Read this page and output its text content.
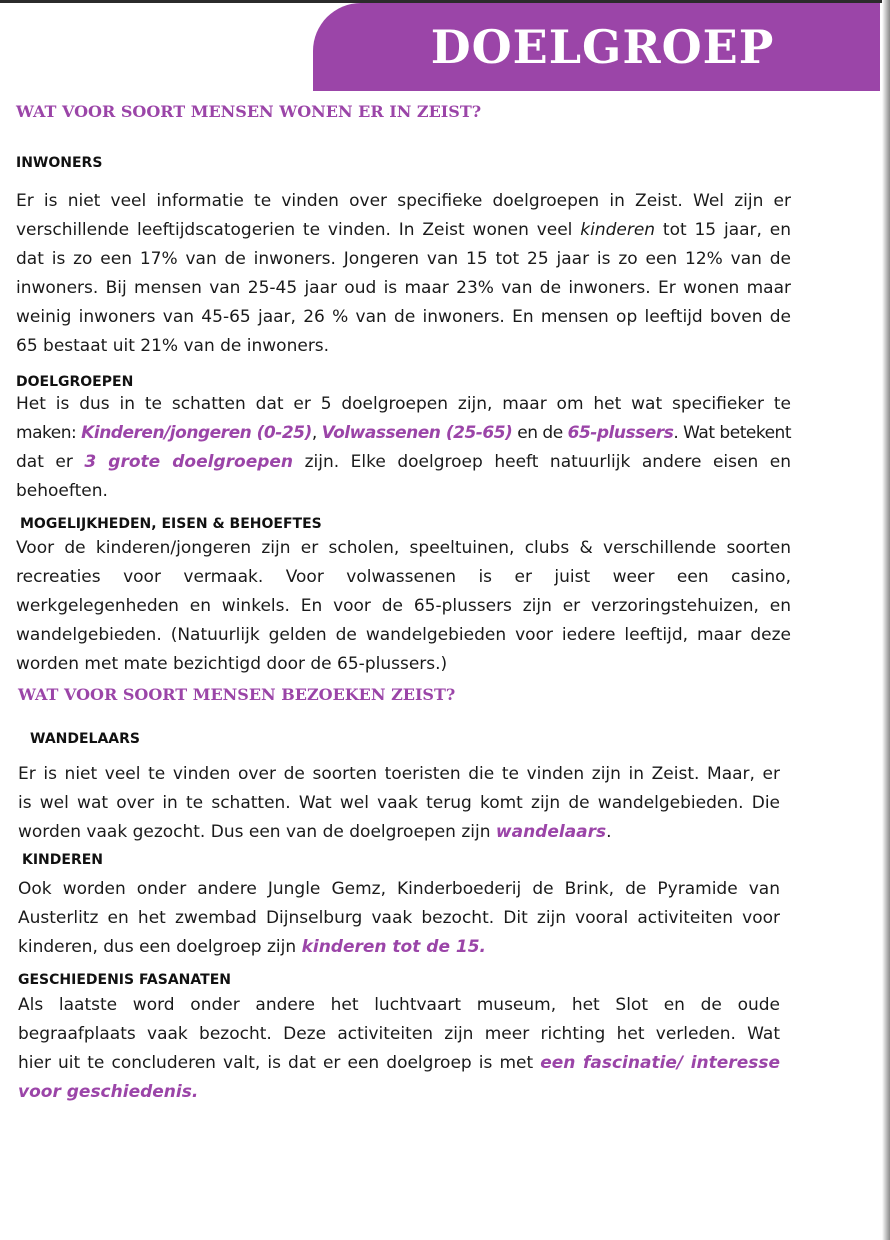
DOELGROEP
WAT VOOR SOORT MENSEN WONEN ER IN ZEIST?
INWONERS
Er is niet veel informatie te vinden over specifieke doelgroepen in Zeist. Wel zijn er
verschillende leeftijdscatogerien te vinden. In Zeist wonen veel kinderen tot 15 jaar, en
dat is zo een 17% van de inwoners. Jongeren van 15 tot 25 jaar is zo een 12% van de
inwoners. Bij mensen van 25-45 jaar oud is maar 23% van de inwoners. Er wonen maar
weinig inwoners van 45-65 jaar, 26 % van de inwoners. En mensen op leeftijd boven de
65 bestaat uit 21% van de inwoners.
DOELGROEPEN
Het is dus in te schatten dat er 5 doelgroepen zijn, maar om het wat specifieker te
maken: Kinderen/jongeren (0-25), Volwassenen (25-65) en de 65-plussers. Wat betekent
dat er 3 grote doelgroepen zijn. Elke doelgroep heeft natuurlijk andere eisen en
behoeften.
MOGELIJKHEDEN, EISEN & BEHOEFTES
Voor de kinderen/jongeren zijn er scholen, speeltuinen, clubs & verschillende soorten
recreaties voor vermaak. Voor volwassenen is er juist weer een casino,
werkgelegenheden en winkels. En voor de 65-plussers zijn er verzoringstehuizen, en
wandelgebieden. (Natuurlijk gelden de wandelgebieden voor iedere leeftijd, maar deze
worden met mate bezichtigd door de 65-plussers.)
WAT VOOR SOORT MENSEN BEZOEKEN ZEIST?
WANDELAARS
Er is niet veel te vinden over de soorten toeristen die te vinden zijn in Zeist. Maar, er
is wel wat over in te schatten. Wat wel vaak terug komt zijn de wandelgebieden. Die
worden vaak gezocht. Dus een van de doelgroepen zijn wandelaars.
KINDEREN
Ook worden onder andere Jungle Gemz, Kinderboederij de Brink, de Pyramide van
Austerlitz en het zwembad Dijnselburg vaak bezocht. Dit zijn vooral activiteiten voor
kinderen, dus een doelgroep zijn kinderen tot de 15.
GESCHIEDENIS FASANATEN
Als laatste word onder andere het luchtvaart museum, het Slot en de oude
begraafplaats vaak bezocht. Deze activiteiten zijn meer richting het verleden. Wat
hier uit te concluderen valt, is dat er een doelgroep is met een fascinatie/ interesse
voor geschiedenis.
